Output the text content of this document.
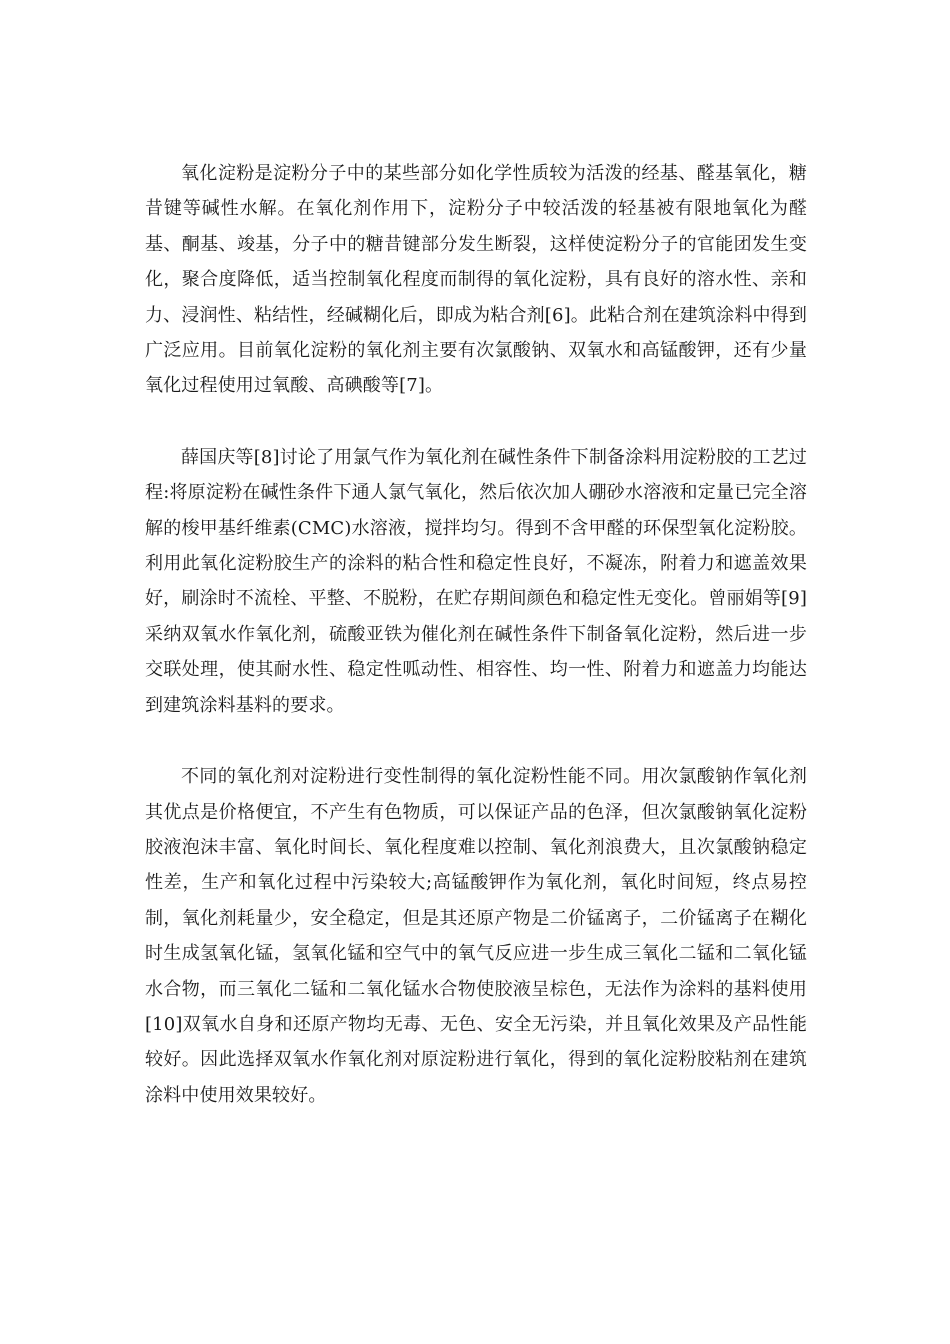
氧化淀粉是淀粉分子中的某些部分如化学性质较为活泼的经基、醛基氧化，糖昔键等碱性水解。在氧化剂作用下，淀粉分子中较活泼的轻基被有限地氧化为醛基、酮基、竣基，分子中的糖昔键部分发生断裂，这样使淀粉分子的官能团发生变化，聚合度降低，适当控制氧化程度而制得的氧化淀粉，具有良好的溶水性、亲和力、浸润性、粘结性，经碱糊化后，即成为粘合剂[6]。此粘合剂在建筑涂料中得到广泛应用。目前氧化淀粉的氧化剂主要有次氯酸钠、双氧水和高锰酸钾，还有少量氧化过程使用过氧酸、高碘酸等[7]。

薛国庆等[8]讨论了用氯气作为氧化剂在碱性条件下制备涂料用淀粉胶的工艺过程:将原淀粉在碱性条件下通人氯气氧化，然后依次加人硼砂水溶液和定量已完全溶解的梭甲基纤维素(CMC)水溶液，搅拌均匀。得到不含甲醛的环保型氧化淀粉胶。利用此氧化淀粉胶生产的涂料的粘合性和稳定性良好，不凝冻，附着力和遮盖效果好，刷涂时不流栓、平整、不脱粉，在贮存期间颜色和稳定性无变化。曾丽娟等[9]采纳双氧水作氧化剂，硫酸亚铁为催化剂在碱性条件下制备氧化淀粉，然后进一步交联处理，使其耐水性、稳定性呱动性、相容性、均一性、附着力和遮盖力均能达到建筑涂料基料的要求。

不同的氧化剂对淀粉进行变性制得的氧化淀粉性能不同。用次氯酸钠作氧化剂其优点是价格便宜，不产生有色物质，可以保证产品的色泽，但次氯酸钠氧化淀粉胶液泡沫丰富、氧化时间长、氧化程度难以控制、氧化剂浪费大，且次氯酸钠稳定性差，生产和氧化过程中污染较大;高锰酸钾作为氧化剂，氧化时间短，终点易控制，氧化剂耗量少，安全稳定，但是其还原产物是二价锰离子，二价锰离子在糊化时生成氢氧化锰，氢氧化锰和空气中的氧气反应进一步生成三氧化二锰和二氧化锰水合物，而三氧化二锰和二氧化锰水合物使胶液呈棕色，无法作为涂料的基料使用[10]双氧水自身和还原产物均无毒、无色、安全无污染，并且氧化效果及产品性能较好。因此选择双氧水作氧化剂对原淀粉进行氧化，得到的氧化淀粉胶粘剂在建筑涂料中使用效果较好。
